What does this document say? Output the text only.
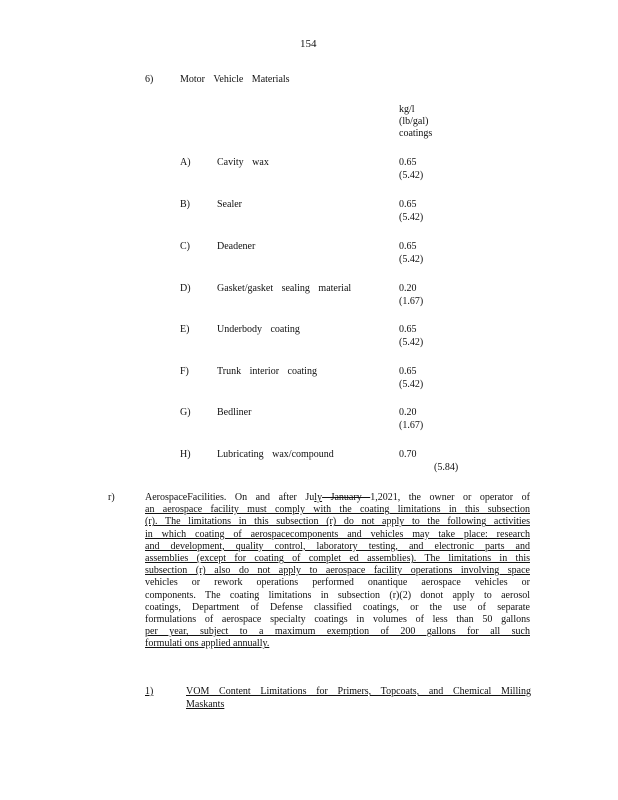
154
6)	Motor Vehicle Materials
kg/l
(lb/gal)
coatings
A)	Cavity wax	0.65
(5.42)
B)	Sealer	0.65
(5.42)
C)	Deadener	0.65
(5.42)
D)	Gasket/gasket sealing material	0.20
(1.67)
E)	Underbody coating	0.65
(5.42)
F)	Trunk interior coating	0.65
(5.42)
G)	Bedliner	0.20
(1.67)
H)	Lubricating wax/compound	0.70
(5.84)
r)	AerospaceFacilities. On and after July January 1,2021, the owner or operator of
an aerospace facility must comply with the coating limitations in this subsection
(r). The limitations in this subsection (r) do not apply to the following activities
in which coating of aerospacecomponents and vehicles may take place: research
and development, quality control, laboratory testing, and electronic parts and
assemblies (except for coating of complet ed assemblies). The limitations in this
subsection (r) also do not apply to aerospace facility operations involving space
vehicles or rework operations performed onantique aerospace vehicles or
components. The coating limitations in subsection (r)(2) donot apply to aerosol
coatings, Department of Defense classified coatings, or the use of separate
formulations of aerospace specialty coatings in volumes of less than 50 gallons
per year, subject to a maximum exemption of 200 gallons for all such
formulati ons applied annually.
1)	VOM Content Limitations for Primers, Topcoats, and Chemical Milling
Maskants
